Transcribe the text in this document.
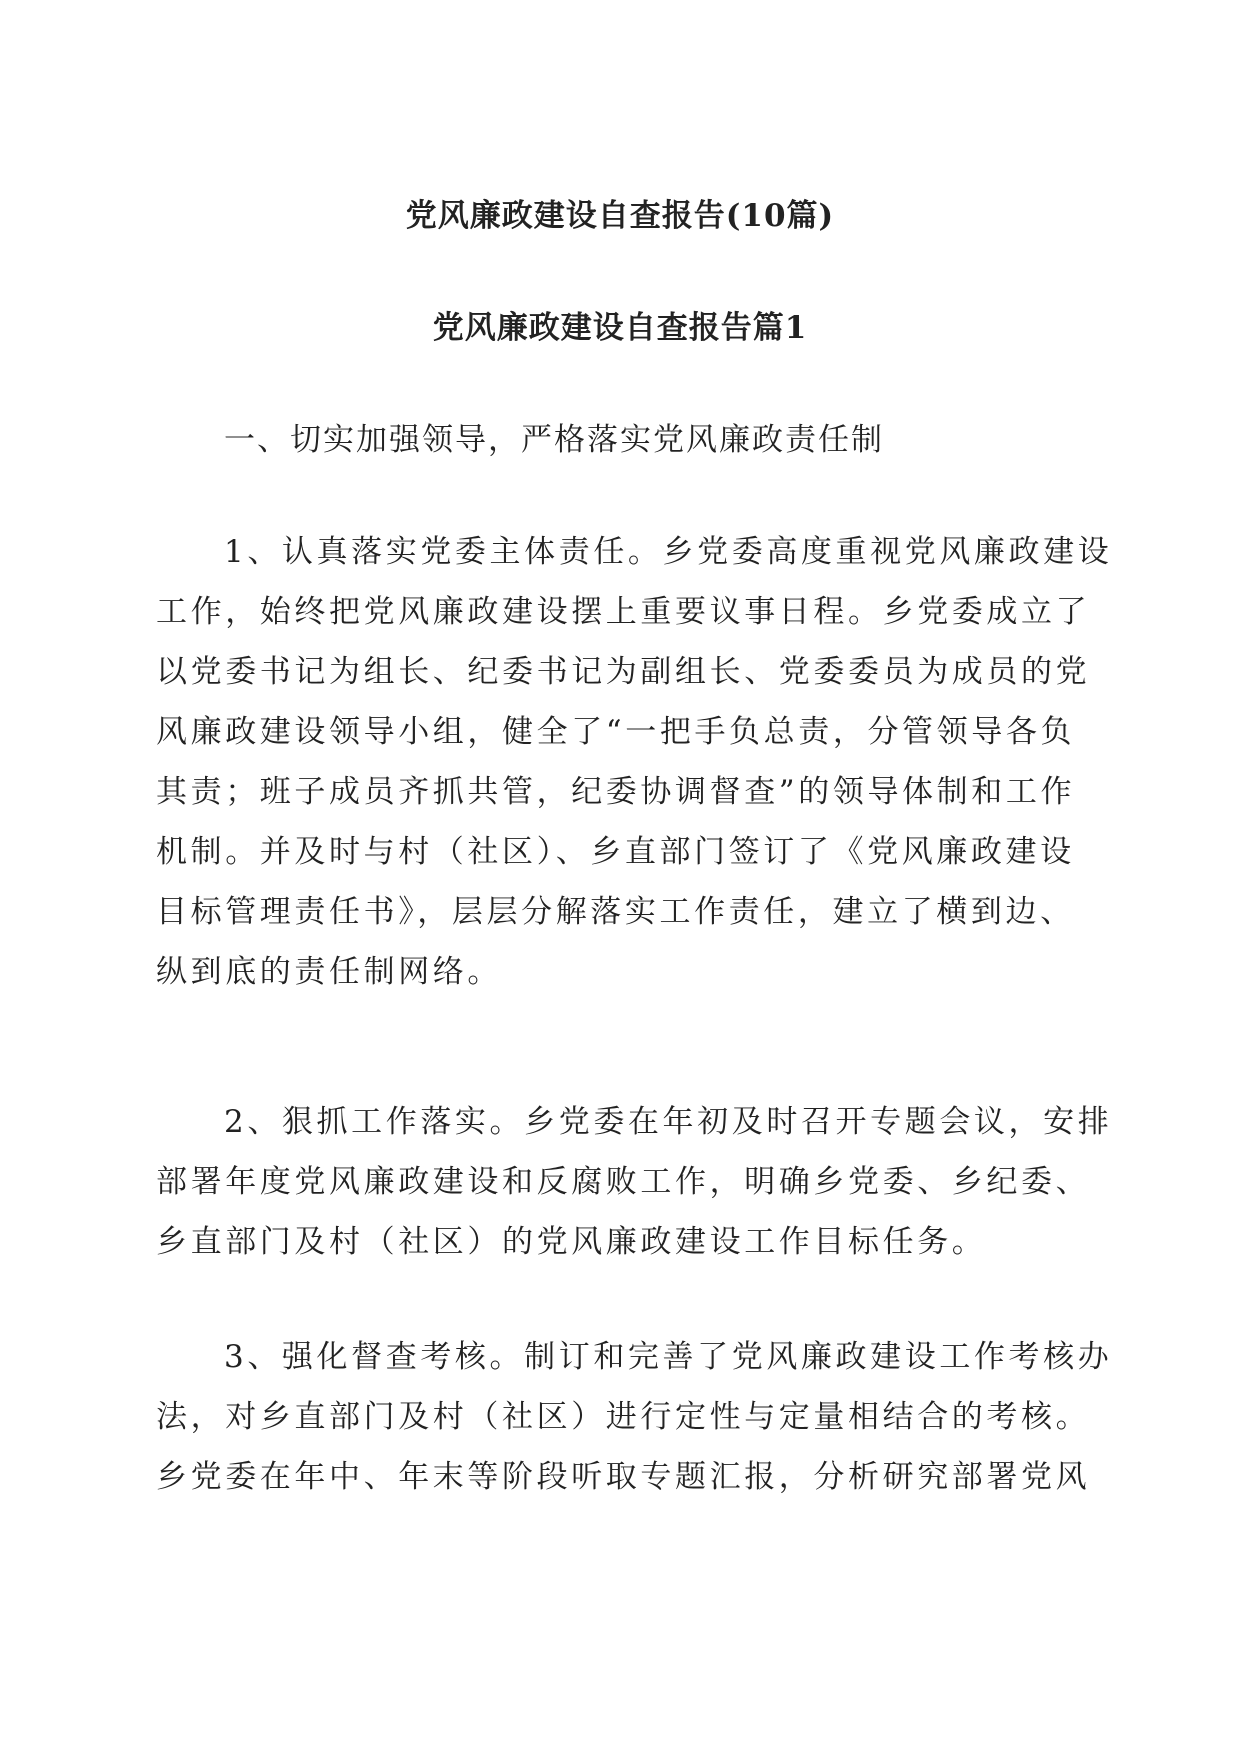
党风廉政建设自查报告(10篇)
党风廉政建设自查报告篇1

一、切实加强领导，严格落实党风廉政责任制

1、认真落实党委主体责任。乡党委高度重视党风廉政建设
工作，始终把党风廉政建设摆上重要议事日程。乡党委成立了
以党委书记为组长、纪委书记为副组长、党委委员为成员的党
风廉政建设领导小组，健全了“一把手负总责，分管领导各负
其责；班子成员齐抓共管，纪委协调督查”的领导体制和工作
机制。并及时与村（社区）、乡直部门签订了《党风廉政建设
目标管理责任书》，层层分解落实工作责任，建立了横到边、
纵到底的责任制网络。
2、狠抓工作落实。乡党委在年初及时召开专题会议，安排
部署年度党风廉政建设和反腐败工作，明确乡党委、乡纪委、
乡直部门及村（社区）的党风廉政建设工作目标任务。
3、强化督查考核。制订和完善了党风廉政建设工作考核办
法，对乡直部门及村（社区）进行定性与定量相结合的考核。
乡党委在年中、年末等阶段听取专题汇报，分析研究部署党风
